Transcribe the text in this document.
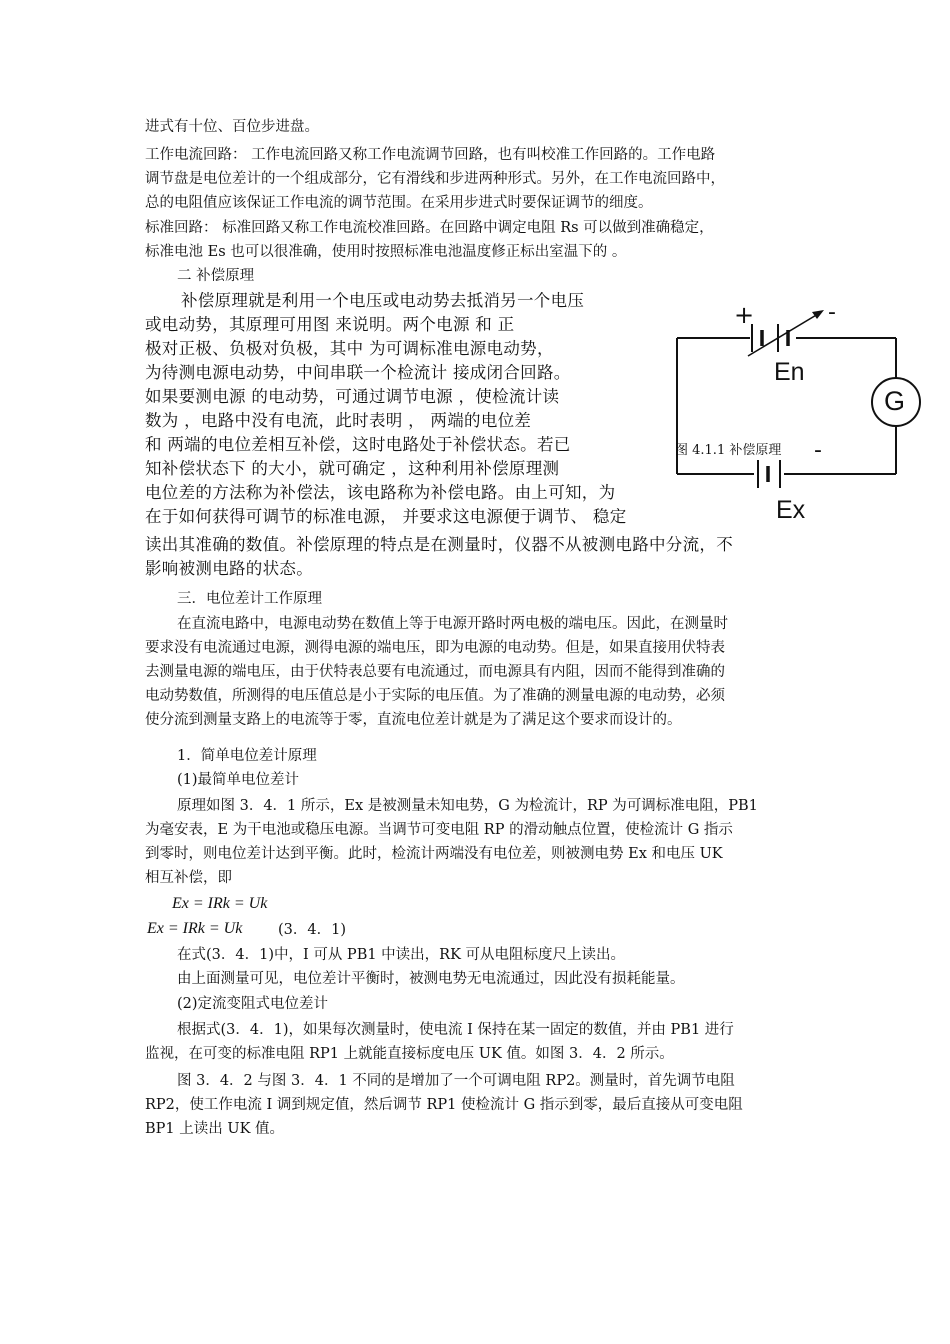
进式有十位、百位步进盘。
工作电流回路： 工作电流回路又称工作电流调节回路，也有叫校准工作回路的。工作电路
调节盘是电位差计的一个组成部分，它有滑线和步进两种形式。另外，在工作电流回路中，
总的电阻值应该保证工作电流的调节范围。在采用步进式时要保证调节的细度。
标准回路： 标准回路又称工作电流校准回路。在回路中调定电阻 Rs 可以做到准确稳定，
标准电池 Es 也可以很准确，使用时按照标准电池温度修正标出室温下的 。
二 补偿原理
补偿原理就是利用一个电压或电动势去抵消另一个电压
或电动势，其原理可用图 来说明。两个电源 和 正
极对正极、负极对负极，其中 为可调标准电源电动势，
为待测电源电动势，中间串联一个检流计 接成闭合回路。
如果要测电源 的电动势，可通过调节电源 ，使检流计读
数为 ，电路中没有电流，此时表明 ， 两端的电位差
和 两端的电位差相互补偿，这时电路处于补偿状态。若已
知补偿状态下 的大小，就可确定 ，这种利用补偿原理测
电位差的方法称为补偿法，该电路称为补偿电路。由上可知，为
在于如何获得可调节的标准电源， 并要求这电源便于调节、 稳定
读出其准确的数值。补偿原理的特点是在测量时，仪器不从被测电路中分流，不
影响被测电路的状态。
+	-
En
G
-
Ex
图 4.1.1 补偿原理
三．电位差计工作原理
在直流电路中，电源电动势在数值上等于电源开路时两电极的端电压。因此，在测量时
要求没有电流通过电源，测得电源的端电压，即为电源的电动势。但是，如果直接用伏特表
去测量电源的端电压，由于伏特表总要有电流通过，而电源具有内阻，因而不能得到准确的
电动势数值，所测得的电压值总是小于实际的电压值。为了准确的测量电源的电动势，必须
使分流到测量支路上的电流等于零，直流电位差计就是为了满足这个要求而设计的。
1．简单电位差计原理
(1)最简单电位差计
原理如图 3．4．1 所示，Ex 是被测量未知电势，G 为检流计，RP 为可调标准电阻，PB1
为毫安表，E 为干电池或稳压电源。当调节可变电阻 RP 的滑动触点位置，使检流计 G 指示
到零时，则电位差计达到平衡。此时，检流计两端没有电位差，则被测电势 Ex 和电压 UK
相互补偿，即
Ex = IRk = Uk
Ex = IRk = Uk (3．4．1)
在式(3．4．1)中，I 可从 PB1 中读出，RK 可从电阻标度尺上读出。
由上面测量可见，电位差计平衡时，被测电势无电流通过，因此没有损耗能量。
(2)定流变阻式电位差计
根据式(3．4．1)，如果每次测量时，使电流 I 保持在某一固定的数值，并由 PB1 进行
监视，在可变的标准电阻 RP1 上就能直接标度电压 UK 值。如图 3．4．2 所示。
图 3．4．2 与图 3．4．1 不同的是增加了一个可调电阻 RP2。测量时，首先调节电阻
RP2，使工作电流 I 调到规定值，然后调节 RP1 使检流计 G 指示到零，最后直接从可变电阻
BP1 上读出 UK 值。
